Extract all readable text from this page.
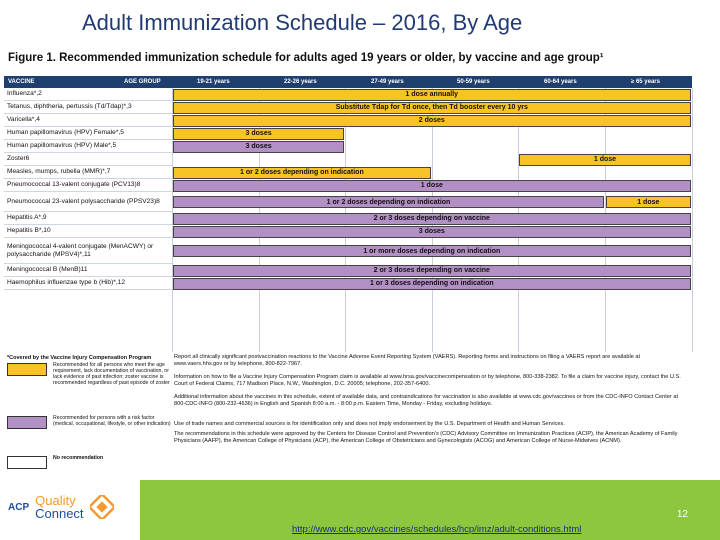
Adult Immunization Schedule – 2016, By Age
Figure 1. Recommended immunization schedule for adults aged 19 years or older, by vaccine and age group¹
VACCINE	AGE GROUP	19-21 years	22-26 years	27-49 years	50-59 years	60-64 years	≥ 65 years
Influenza*,2	1 dose annually
Tetanus, diphtheria, pertussis (Td/Tdap)*,3	Substitute Tdap for Td once, then Td booster every 10 yrs
Varicella*,4	2 doses
Human papillomavirus (HPV) Female*,5	3 doses
Human papillomavirus (HPV) Male*,5	3 doses
Zoster6	1 dose
Measles, mumps, rubella (MMR)*,7	1 or 2 doses depending on indication
Pneumococcal 13-valent conjugate (PCV13)8	1 dose
Pneumococcal 23-valent polysaccharide (PPSV23)8	1 or 2 doses depending on indication	1 dose
Hepatitis A*,9	2 or 3 doses depending on vaccine
Hepatitis B*,10	3 doses
Meningococcal 4-valent conjugate (MenACWY) or polysaccharide (MPSV4)*,11	1 or more doses depending on indication
Meningococcal B (MenB)11	2 or 3 doses depending on vaccine
Haemophilus influenzae type b (Hib)*,12	1 or 3 doses depending on indication
*Covered by the Vaccine Injury Compensation Program
Recommended for all persons who meet the age requirement, lack documentation of vaccination, or lack evidence of past infection; zoster vaccine is recommended regardless of past episode of zoster
Recommended for persons with a risk factor (medical, occupational, lifestyle, or other indication)
No recommendation
Report all clinically significant postvaccination reactions to the Vaccine Adverse Event Reporting System (VAERS). Reporting forms and instructions on filing a VAERS report are available at www.vaers.hhs.gov or by telephone, 800-822-7967.
Information on how to file a Vaccine Injury Compensation Program claim is available at www.hrsa.gov/vaccinecompensation or by telephone, 800-338-2382. To file a claim for vaccine injury, contact the U.S. Court of Federal Claims, 717 Madison Place, N.W., Washington, D.C. 20005; telephone, 202-357-6400.
Additional information about the vaccines in this schedule, extent of available data, and contraindications for vaccination is also available at www.cdc.gov/vaccines or from the CDC-INFO Contact Center at 800-CDC-INFO (800-232-4636) in English and Spanish 8:00 a.m. - 8:00 p.m. Eastern Time, Monday - Friday, excluding holidays.
Use of trade names and commercial sources is for identification only and does not imply endorsement by the U.S. Department of Health and Human Services.
The recommendations in this schedule were approved by the Centers for Disease Control and Prevention's (CDC) Advisory Committee on Immunization Practices (ACIP), the American Academy of Family Physicians (AAFP), the American College of Physicians (ACP), the American College of Obstetricians and Gynecologists (ACOG) and American College of Nurse-Midwives (ACNM).
ACP Quality
Connect	12
http://www.cdc.gov/vaccines/schedules/hcp/imz/adult-conditions.html
